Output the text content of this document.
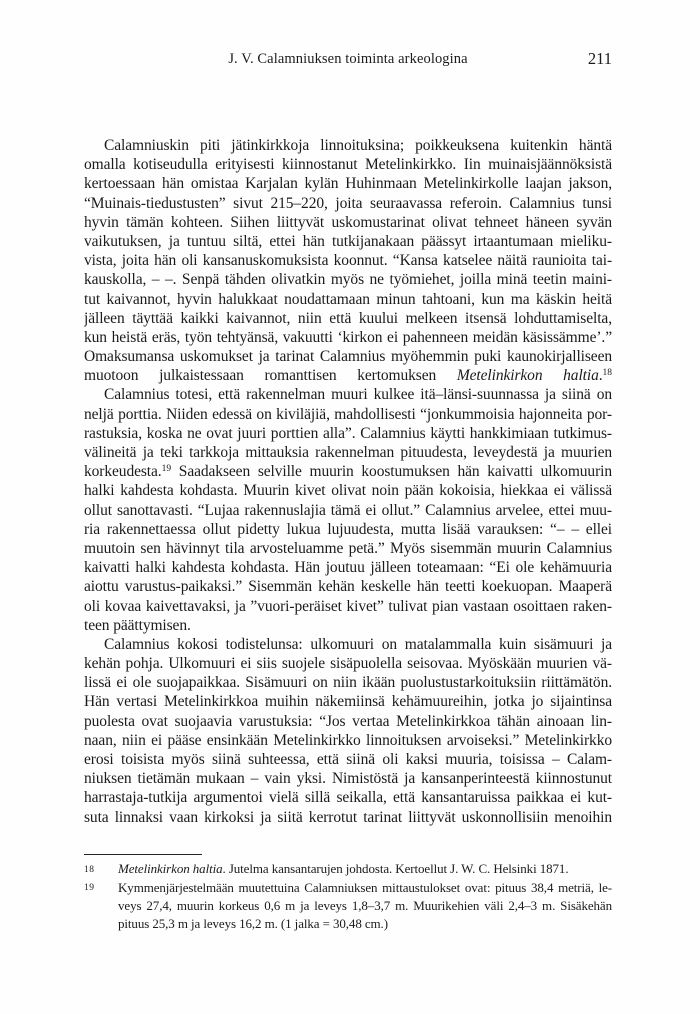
J. V. Calamniuksen toiminta arkeologina	211
Calamniuskin piti jätinkirkkoja linnoituksina; poikkeuksena kuitenkin häntä
omalla kotiseudulla erityisesti kiinnostanut Metelinkirkko. Iin muinaisjäännöksistä
kertoessaan hän omistaa Karjalan kylän Huhinmaan Metelinkirkolle laajan jakson,
“Muinais-tiedustusten” sivut 215–220, joita seuraavassa referoin. Calamnius tunsi
hyvin tämän kohteen. Siihen liittyvät uskomustarinat olivat tehneet häneen syvän
vaikutuksen, ja tuntuu siltä, ettei hän tutkijanakaan päässyt irtaantumaan mieliku-
vista, joita hän oli kansanuskomuksista koonnut. “Kansa katselee näitä raunioita tai-
kauskolla, – –. Senpä tähden olivatkin myös ne työmiehet, joilla minä teetin maini-
tut kaivannot, hyvin halukkaat noudattamaan minun tahtoani, kun ma käskin heitä
jälleen täyttää kaikki kaivannot, niin että kuului melkeen itsensä lohduttamiselta,
kun heistä eräs, työn tehtyänsä, vakuutti ‘kirkon ei pahenneen meidän käsissämme’.”
Omaksumansa uskomukset ja tarinat Calamnius myöhemmin puki kaunokirjalliseen
muotoon julkaistessaan romanttisen kertomuksen Metelinkirkon haltia.$^{18}$
Calamnius totesi, että rakennelman muuri kulkee itä–länsi-suunnassa ja siinä on
neljä porttia. Niiden edessä on kiviläjiä, mahdollisesti “jonkummoisia hajonneita por-
rastuksia, koska ne ovat juuri porttien alla”. Calamnius käytti hankkimiaan tutkimus-
välineitä ja teki tarkkoja mittauksia rakennelman pituudesta, leveydestä ja muurien
korkeudesta.$^{19}$ Saadakseen selville muurin koostumuksen hän kaivatti ulkomuurin
halki kahdesta kohdasta. Muurin kivet olivat noin pään kokoisia, hiekkaa ei välissä
ollut sanottavasti. “Lujaa rakennuslajia tämä ei ollut.” Calamnius arvelee, ettei muu-
ria rakennettaessa ollut pidetty lukua lujuudesta, mutta lisää varauksen: “– – ellei
muutoin sen hävinnyt tila arvosteluamme petä.” Myös sisemmän muurin Calamnius
kaivatti halki kahdesta kohdasta. Hän joutuu jälleen toteamaan: “Ei ole kehämuuria
aiottu varustus-paikaksi.” Sisemmän kehän keskelle hän teetti koekuopan. Maaperä
oli kovaa kaivettavaksi, ja ”vuori-peräiset kivet” tulivat pian vastaan osoittaen raken-
teen päättymisen.
Calamnius kokosi todistelunsa: ulkomuuri on matalammalla kuin sisämuuri ja
kehän pohja. Ulkomuuri ei siis suojele sisäpuolella seisovaa. Myöskään muurien vä-
lissä ei ole suojapaikkaa. Sisämuuri on niin ikään puolustustarkoituksiin riittämätön.
Hän vertasi Metelinkirkkoa muihin näkemiinsä kehämuureihin, jotka jo sijaintinsa
puolesta ovat suojaavia varustuksia: “Jos vertaa Metelinkirkkoa tähän ainoaan lin-
naan, niin ei pääse ensinkään Metelinkirkko linnoituksen arvoiseksi.” Metelinkirkko
erosi toisista myös siinä suhteessa, että siinä oli kaksi muuria, toisissa – Calam-
niuksen tietämän mukaan – vain yksi. Nimistöstä ja kansanperinteestä kiinnostunut
harrastaja-tutkija argumentoi vielä sillä seikalla, että kansantaruissa paikkaa ei kut-
suta linnaksi vaan kirkoksi ja siitä kerrotut tarinat liittyvät uskonnollisiin menoihin
18	Metelinkirkon haltia. Jutelma kansantarujen johdosta. Kertoellut J. W. C. Helsinki 1871.
19	Kymmenjärjestelmään muutettuina Calamniuksen mittaustulokset ovat: pituus 38,4 metriä, le-
veys 27,4, muurin korkeus 0,6 m ja leveys 1,8–3,7 m. Muurikehien väli 2,4–3 m. Sisäkehän
pituus 25,3 m ja leveys 16,2 m. (1 jalka = 30,48 cm.)
